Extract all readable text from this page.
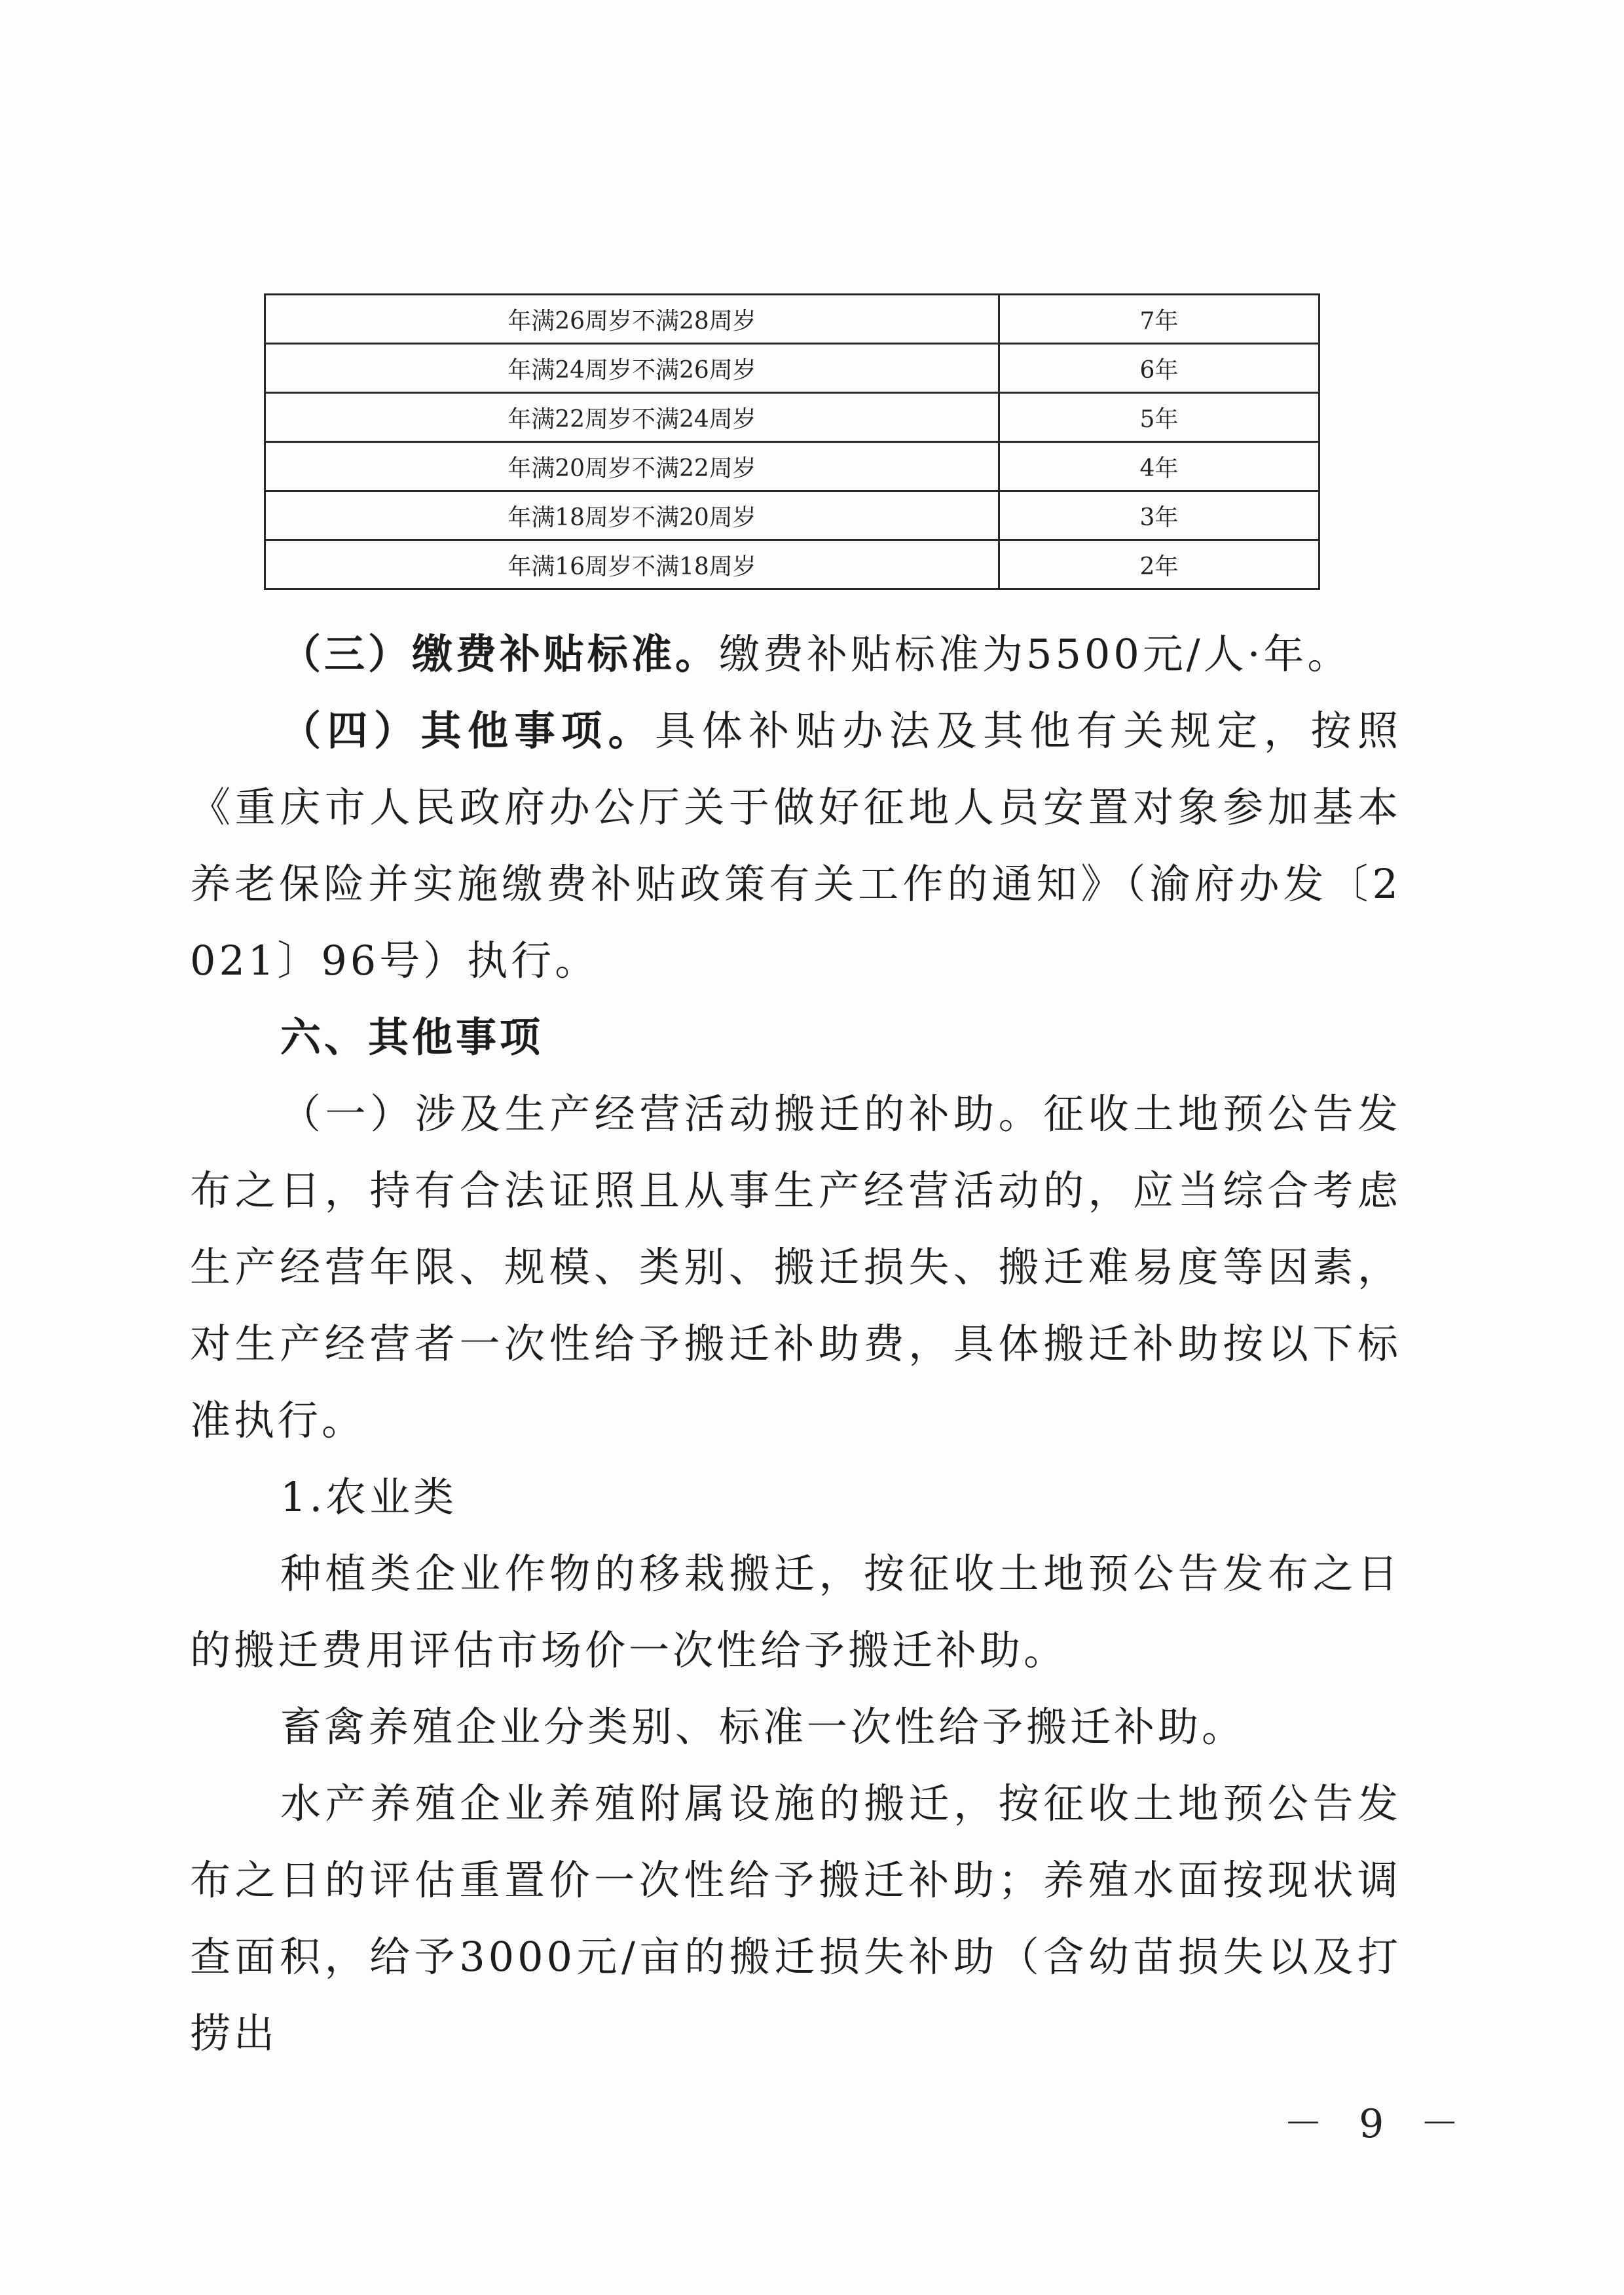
年满26周岁不满28周岁	7年
年满24周岁不满26周岁	6年
年满22周岁不满24周岁	5年
年满20周岁不满22周岁	4年
年满18周岁不满20周岁	3年
年满16周岁不满18周岁	2年

（三）缴费补贴标准。缴费补贴标准为5500元/人·年。

（四）其他事项。具体补贴办法及其他有关规定，按照《重庆市人民政府办公厅关于做好征地人员安置对象参加基本养老保险并实施缴费补贴政策有关工作的通知》（渝府办发〔2021〕96号）执行。

六、其他事项

（一）涉及生产经营活动搬迁的补助。征收土地预公告发布之日，持有合法证照且从事生产经营活动的，应当综合考虑生产经营年限、规模、类别、搬迁损失、搬迁难易度等因素，对生产经营者一次性给予搬迁补助费，具体搬迁补助按以下标准执行。

1.农业类

种植类企业作物的移栽搬迁，按征收土地预公告发布之日的搬迁费用评估市场价一次性给予搬迁补助。

畜禽养殖企业分类别、标准一次性给予搬迁补助。

水产养殖企业养殖附属设施的搬迁，按征收土地预公告发布之日的评估重置价一次性给予搬迁补助；养殖水面按现状调查面积，给予3000元/亩的搬迁损失补助（含幼苗损失以及打捞出

－ 9 －
